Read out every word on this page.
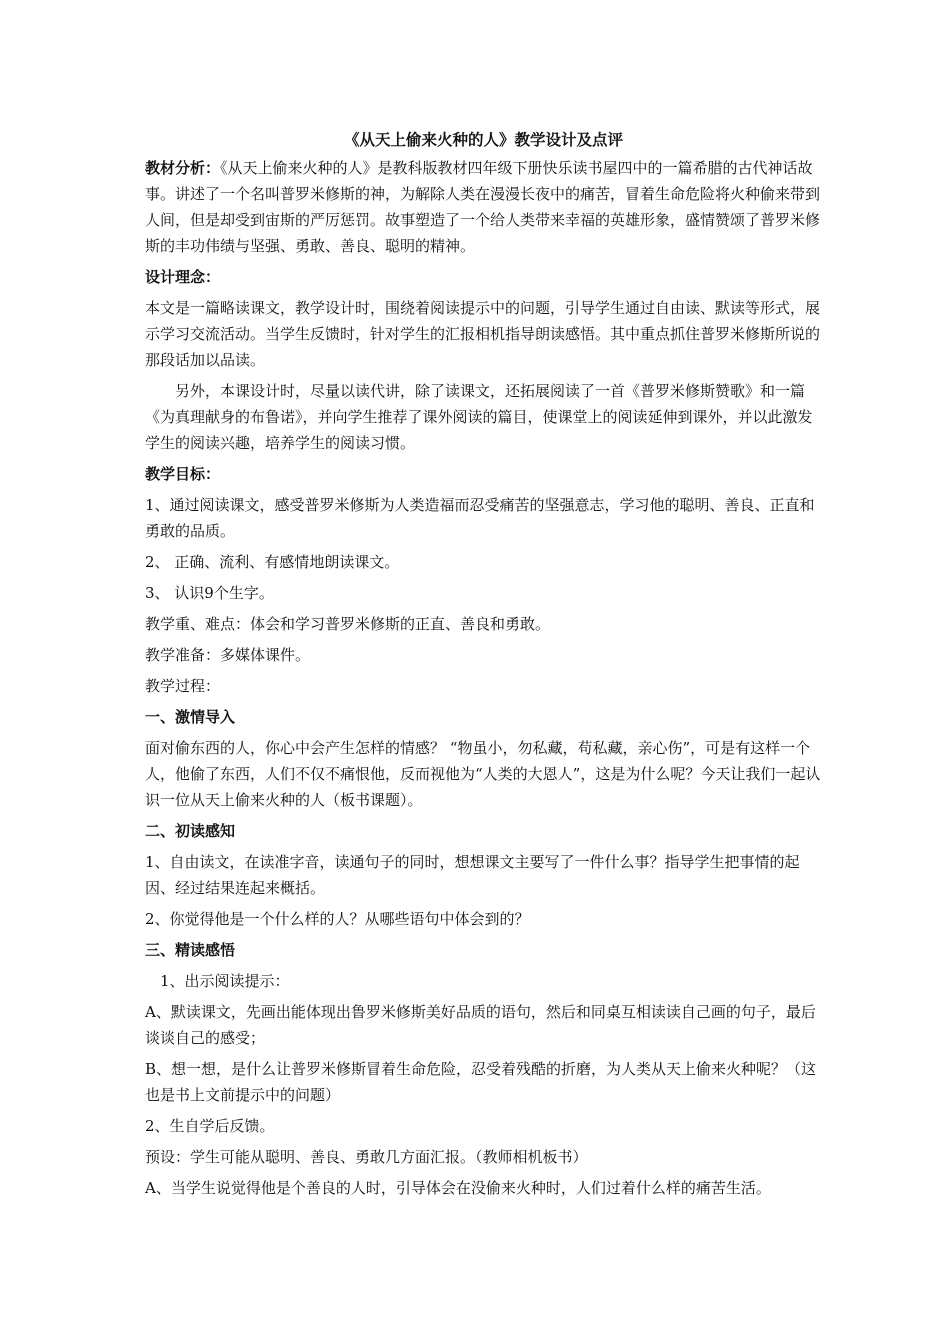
《从天上偷来火种的人》教学设计及点评

教材分析：《从天上偷来火种的人》是教科版教材四年级下册快乐读书屋四中的一篇希腊的古代神话故事。讲述了一个名叫普罗米修斯的神，为解除人类在漫漫长夜中的痛苦，冒着生命危险将火种偷来带到人间，但是却受到宙斯的严厉惩罚。故事塑造了一个给人类带来幸福的英雄形象，盛情赞颂了普罗米修斯的丰功伟绩与坚强、勇敢、善良、聪明的精神。

设计理念：

本文是一篇略读课文，教学设计时，围绕着阅读提示中的问题，引导学生通过自由读、默读等形式，展示学习交流活动。当学生反馈时，针对学生的汇报相机指导朗读感悟。其中重点抓住普罗米修斯所说的那段话加以品读。

另外，本课设计时，尽量以读代讲，除了读课文，还拓展阅读了一首《普罗米修斯赞歌》和一篇《为真理献身的布鲁诺》，并向学生推荐了课外阅读的篇目，使课堂上的阅读延伸到课外，并以此激发学生的阅读兴趣，培养学生的阅读习惯。

教学目标：

1、通过阅读课文，感受普罗米修斯为人类造福而忍受痛苦的坚强意志，学习他的聪明、善良、正直和勇敢的品质。

2、 正确、流利、有感情地朗读课文。

3、 认识9个生字。

教学重、难点：体会和学习普罗米修斯的正直、善良和勇敢。

教学准备：多媒体课件。

教学过程：

一、激情导入

面对偷东西的人，你心中会产生怎样的情感？ “物虽小，勿私藏，苟私藏，亲心伤”，可是有这样一个人，他偷了东西，人们不仅不痛恨他，反而视他为“人类的大恩人”，这是为什么呢？今天让我们一起认识一位从天上偷来火种的人（板书课题）。

二、初读感知

1、自由读文，在读准字音，读通句子的同时，想想课文主要写了一件什么事？指导学生把事情的起因、经过结果连起来概括。

2、你觉得他是一个什么样的人？从哪些语句中体会到的？

三、精读感悟

1、出示阅读提示：

A、默读课文，先画出能体现出鲁罗米修斯美好品质的语句，然后和同桌互相读读自己画的句子，最后谈谈自己的感受；

B、想一想，是什么让普罗米修斯冒着生命危险，忍受着残酷的折磨，为人类从天上偷来火种呢？（这也是书上文前提示中的问题）

2、生自学后反馈。

预设：学生可能从聪明、善良、勇敢几方面汇报。（教师相机板书）

A、当学生说觉得他是个善良的人时，引导体会在没偷来火种时，人们过着什么样的痛苦生活。
